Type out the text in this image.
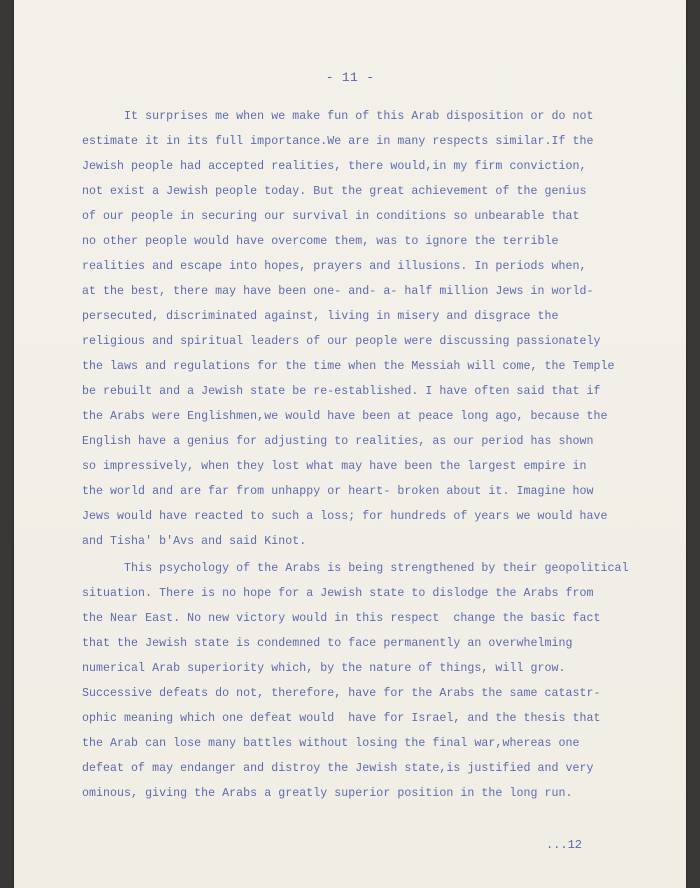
- 11 -
It surprises me when we make fun of this Arab disposition or do not
estimate it in its full importance.We are in many respects similar.If the
Jewish people had accepted realities, there would,in my firm conviction,
not exist a Jewish people today. But the great achievement of the genius
of our people in securing our survival in conditions so unbearable that
no other people would have overcome them, was to ignore the terrible
realities and escape into hopes, prayers and illusions. In periods when,
at the best, there may have been one- and- a- half million Jews in world-
persecuted, discriminated against, living in misery and disgrace the
religious and spiritual leaders of our people were discussing passionately
the laws and regulations for the time when the Messiah will come, the Temple
be rebuilt and a Jewish state be re-established. I have often said that if
the Arabs were Englishmen,we would have been at peace long ago, because the
English have a genius for adjusting to realities, as our period has shown
so impressively, when they lost what may have been the largest empire in
the world and are far from unhappy or heart- broken about it. Imagine how
Jews would have reacted to such a loss; for hundreds of years we would have
and Tisha' b'Avs and said Kinot.
This psychology of the Arabs is being strengthened by their geopolitical
situation. There is no hope for a Jewish state to dislodge the Arabs from
the Near East. No new victory would in this respect  change the basic fact
that the Jewish state is condemned to face permanently an overwhelming
numerical Arab superiority which, by the nature of things, will grow.
Successive defeats do not, therefore, have for the Arabs the same catastr-
ophic meaning which one defeat would  have for Israel, and the thesis that
the Arab can lose many battles without losing the final war,whereas one
defeat of may endanger and distroy the Jewish state,is justified and very
ominous, giving the Arabs a greatly superior position in the long run.
...12
